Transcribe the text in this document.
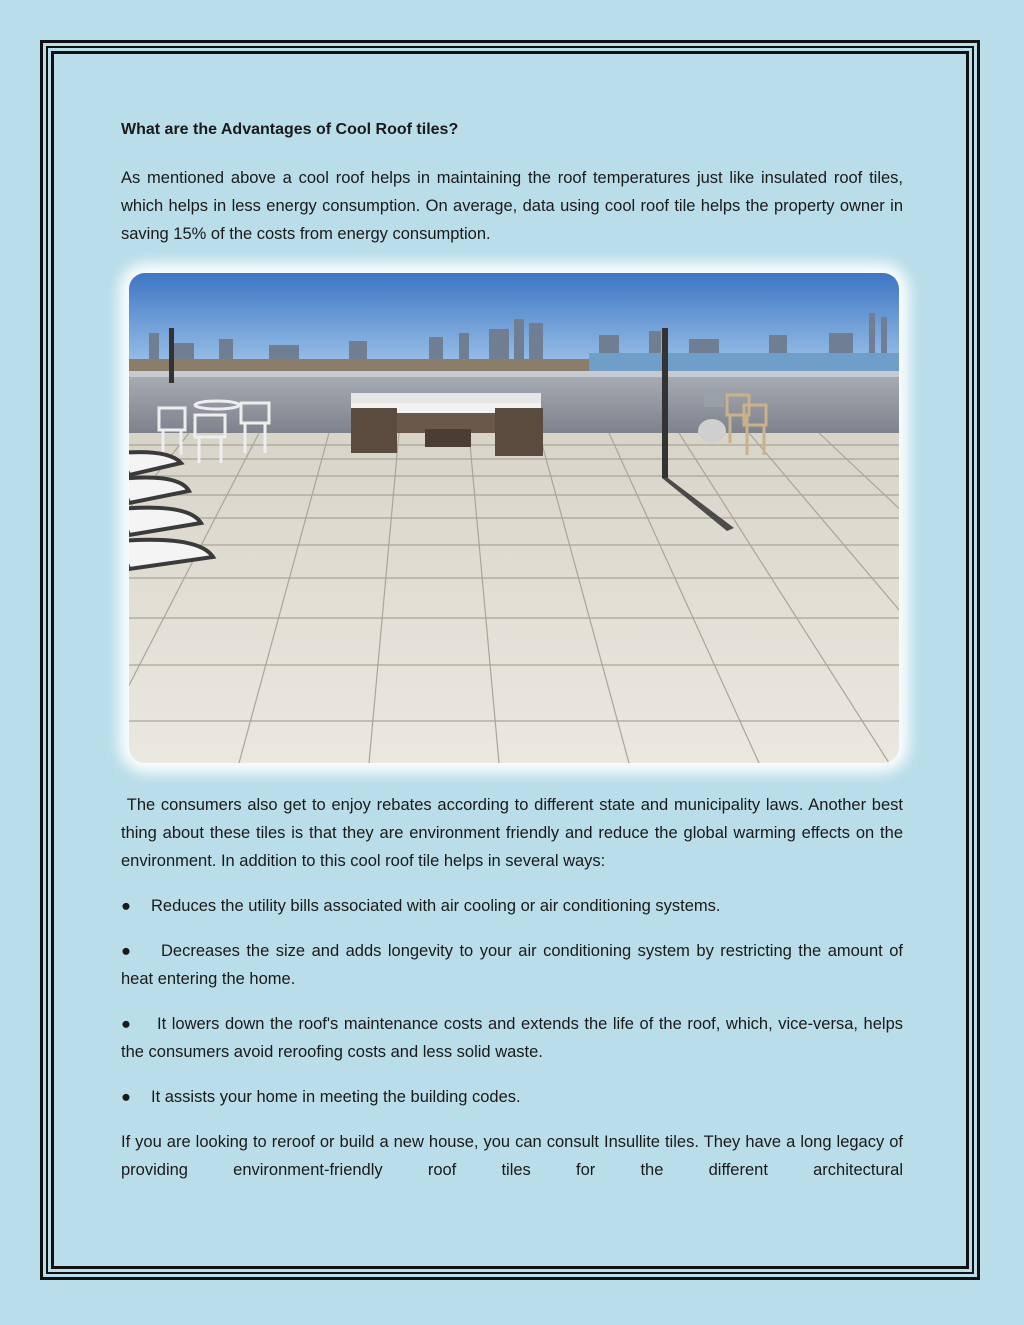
What are the Advantages of Cool Roof tiles?

As mentioned above a cool roof helps in maintaining the roof temperatures just like insulated roof tiles, which helps in less energy consumption. On average, data using cool roof tile helps the property owner in saving 15% of the costs from energy consumption.

The consumers also get to enjoy rebates according to different state and municipality laws. Another best thing about these tiles is that they are environment friendly and reduce the global warming effects on the environment. In addition to this cool roof tile helps in several ways:

● Reduces the utility bills associated with air cooling or air conditioning systems.
● Decreases the size and adds longevity to your air conditioning system by restricting the amount of heat entering the home.
● It lowers down the roof's maintenance costs and extends the life of the roof, which, vice-versa, helps the consumers avoid reroofing costs and less solid waste.
● It assists your home in meeting the building codes.

If you are looking to reroof or build a new house, you can consult Insullite tiles. They have a long legacy of providing environment-friendly roof tiles for the different architectural
